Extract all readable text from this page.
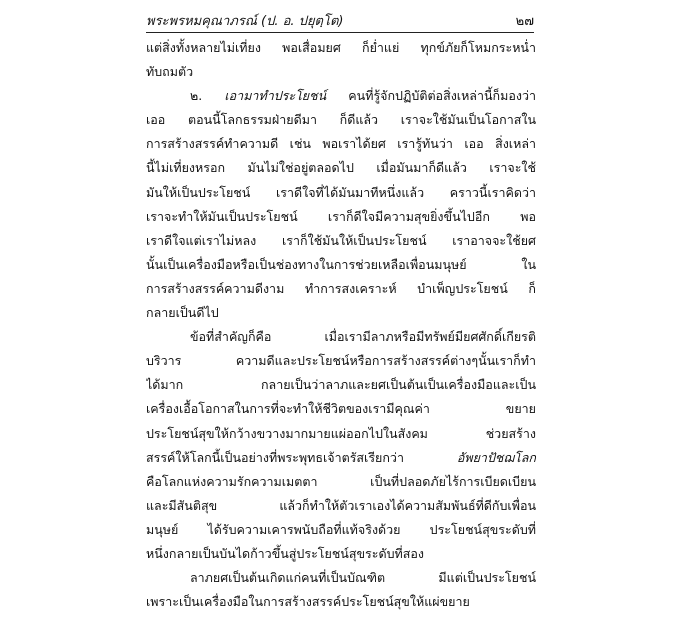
พระพรหมคุณาภรณ์ (ป. อ. ปยุตฺโต)	๒๗
แต่สิ่งทั้งหลายไม่เที่ยง พอเสื่อมยศ ก็ย่ำแย่ ทุกข์ภัยก็โหมกระหน่ำ
ทับถมตัว
๒. เอามาทำประโยชน์ คนที่รู้จักปฏิบัติต่อสิ่งเหล่านี้ก็มองว่า
เออ ตอนนี้โลกธรรมฝ่ายดีมา ก็ดีแล้ว เราจะใช้มันเป็นโอกาสใน
การสร้างสรรค์ทำความดี เช่น พอเราได้ยศ เรารู้ทันว่า เออ สิ่งเหล่า
นี้ไม่เที่ยงหรอก มันไม่ใช่อยู่ตลอดไป เมื่อมันมาก็ดีแล้ว เราจะใช้
มันให้เป็นประโยชน์ เราดีใจที่ได้มันมาทีหนึ่งแล้ว คราวนี้เราคิดว่า
เราจะทำให้มันเป็นประโยชน์ เราก็ดีใจมีความสุขยิ่งขึ้นไปอีก พอ
เราดีใจแต่เราไม่หลง เราก็ใช้มันให้เป็นประโยชน์ เราอาจจะใช้ยศ
นั้นเป็นเครื่องมือหรือเป็นช่องทางในการช่วยเหลือเพื่อนมนุษย์ ใน
การสร้างสรรค์ความดีงาม ทำการสงเคราะห์ บำเพ็ญประโยชน์ ก็
กลายเป็นดีไป
ข้อที่สำคัญก็คือ เมื่อเรามีลาภหรือมีทรัพย์มียศศักดิ์เกียรติ
บริวาร ความดีและประโยชน์หรือการสร้างสรรค์ต่างๆนั้นเราก็ทำ
ได้มาก กลายเป็นว่าลาภและยศเป็นต้นเป็นเครื่องมือและเป็น
เครื่องเอื้อโอกาสในการที่จะทำให้ชีวิตของเรามีคุณค่า ขยาย
ประโยชน์สุขให้กว้างขวางมากมายแผ่ออกไปในสังคม ช่วยสร้าง
สรรค์ให้โลกนี้เป็นอย่างที่พระพุทธเจ้าตรัสเรียกว่า อัพยาปัชฌโลก
คือโลกแห่งความรักความเมตตา เป็นที่ปลอดภัยไร้การเบียดเบียน
และมีสันติสุข แล้วก็ทำให้ตัวเราเองได้ความสัมพันธ์ที่ดีกับเพื่อน
มนุษย์ ได้รับความเคารพนับถือที่แท้จริงด้วย ประโยชน์สุขระดับที่
หนึ่งกลายเป็นบันไดก้าวขึ้นสู่ประโยชน์สุขระดับที่สอง
ลาภยศเป็นต้นเกิดแก่คนที่เป็นบัณฑิต มีแต่เป็นประโยชน์
เพราะเป็นเครื่องมือในการสร้างสรรค์ประโยชน์สุขให้แผ่ขยาย
